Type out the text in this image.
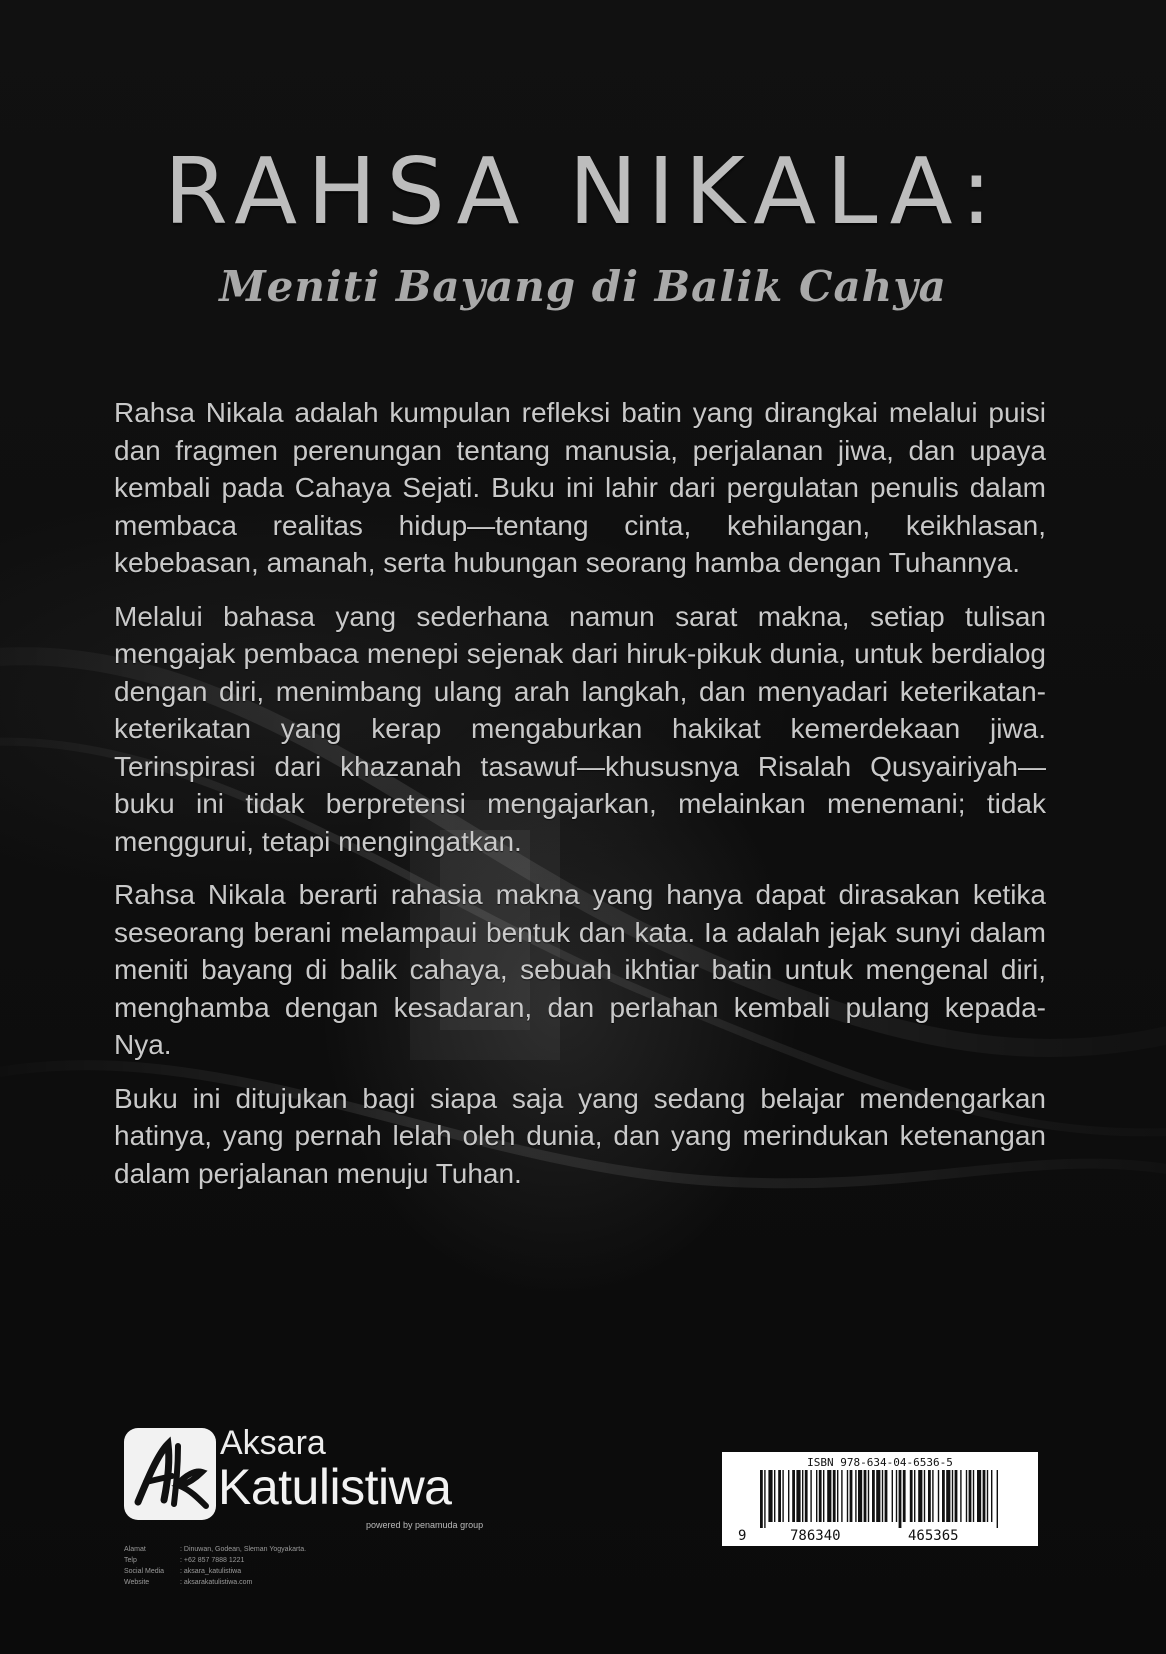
RAHSA NIKALA:
Meniti Bayang di Balik Cahya

Rahsa Nikala adalah kumpulan refleksi batin yang dirangkai melalui puisi dan fragmen perenungan tentang manusia, perjalanan jiwa, dan upaya kembali pada Cahaya Sejati. Buku ini lahir dari pergulatan penulis dalam membaca realitas hidup—tentang cinta, kehilangan, keikhlasan, kebebasan, amanah, serta hubungan seorang hamba dengan Tuhannya.

Melalui bahasa yang sederhana namun sarat makna, setiap tulisan mengajak pembaca menepi sejenak dari hiruk-pikuk dunia, untuk berdialog dengan diri, menimbang ulang arah langkah, dan menyadari keterikatan-keterikatan yang kerap mengaburkan hakikat kemerdekaan jiwa. Terinspirasi dari khazanah tasawuf—khususnya Risalah Qusyairiyah—buku ini tidak berpretensi mengajarkan, melainkan menemani; tidak menggurui, tetapi mengingatkan.

Rahsa Nikala berarti rahasia makna yang hanya dapat dirasakan ketika seseorang berani melampaui bentuk dan kata. Ia adalah jejak sunyi dalam meniti bayang di balik cahaya, sebuah ikhtiar batin untuk mengenal diri, menghamba dengan kesadaran, dan perlahan kembali pulang kepada-Nya.

Buku ini ditujukan bagi siapa saja yang sedang belajar mendengarkan hatinya, yang pernah lelah oleh dunia, dan yang merindukan ketenangan dalam perjalanan menuju Tuhan.

Aksara
Katulistiwa
powered by penamuda group
Alamat	: Dinuwan, Godean, Sleman Yogyakarta.
Telp	: +62 857 7888 1221
Social Media	: aksara_katulistiwa
Website	: aksarakatulistiwa.com
ISBN 978-634-04-6536-5
9	786340	465365
